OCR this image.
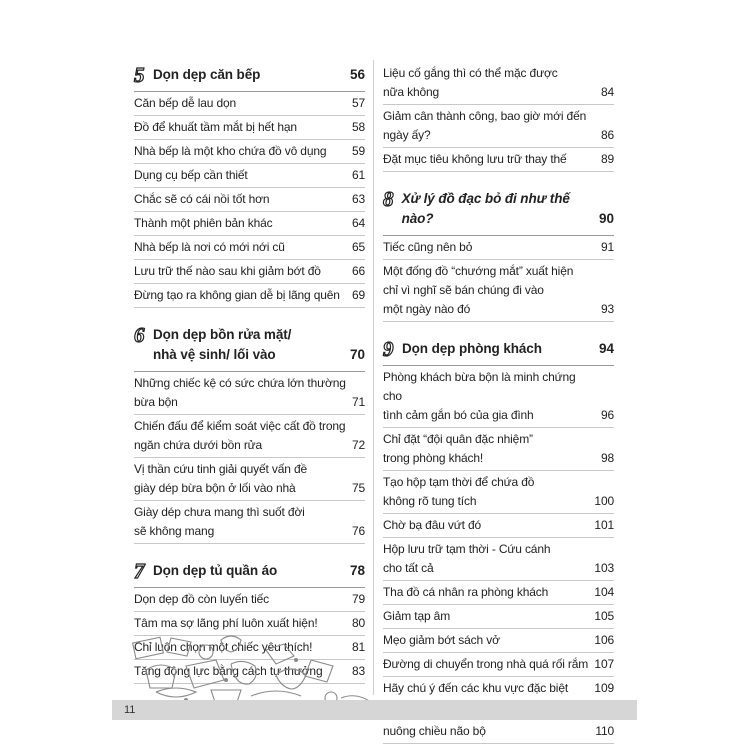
5 Dọn dẹp căn bếp	56
Căn bếp dễ lau dọn	57
Đồ để khuất tầm mắt bị hết hạn	58
Nhà bếp là một kho chứa đồ vô dụng	59
Dụng cụ bếp cần thiết	61
Chắc sẽ có cái nồi tốt hơn	63
Thành một phiên bản khác	64
Nhà bếp là nơi có mới nới cũ	65
Lưu trữ thế nào sau khi giảm bớt đồ	66
Đừng tạo ra không gian dễ bị lãng quên	69
6 Dọn dẹp bồn rửa mặt/
nhà vệ sinh/ lối vào	70
Những chiếc kệ có sức chứa lớn thường
bừa bộn	71
Chiến đấu để kiểm soát việc cất đồ trong
ngăn chứa dưới bồn rửa	72
Vị thần cứu tinh giải quyết vấn đề
giày dép bừa bộn ở lối vào nhà	75
Giày dép chưa mang thì suốt đời
sẽ không mang	76
7 Dọn dẹp tủ quần áo	78
Dọn dẹp đồ còn luyến tiếc	79
Tâm ma sợ lãng phí luôn xuất hiện!	80
Chỉ luôn chọn một chiếc yêu thích!	81
Tăng động lực bằng cách tự thưởng	83
Liệu cố gắng thì có thể mặc được
nữa không	84
Giảm cân thành công, bao giờ mới đến
ngày ấy?	86
Đặt mục tiêu không lưu trữ thay thế	89
8 Xử lý đồ đạc bỏ đi như thế nào?	90
Tiếc cũng nên bỏ	91
Một đống đồ “chướng mắt” xuất hiện
chỉ vì nghĩ sẽ bán chúng đi vào
một ngày nào đó	93
9 Dọn dẹp phòng khách	94
Phòng khách bừa bộn là minh chứng cho
tình cảm gắn bó của gia đình	96
Chỉ đặt “đội quân đặc nhiệm”
trong phòng khách!	98
Tạo hộp tạm thời để chứa đồ
không rõ tung tích	100
Chờ bạ đâu vứt đó	101
Hộp lưu trữ tạm thời - Cứu cánh
cho tất cả	103
Tha đồ cá nhân ra phòng khách	104
Giảm tạp âm	105
Mẹo giảm bớt sách vở	106
Đường di chuyển trong nhà quá rối rắm 107
Hãy chú ý đến các khu vực đặc biệt	109
nuông chiều não bộ	110
11
